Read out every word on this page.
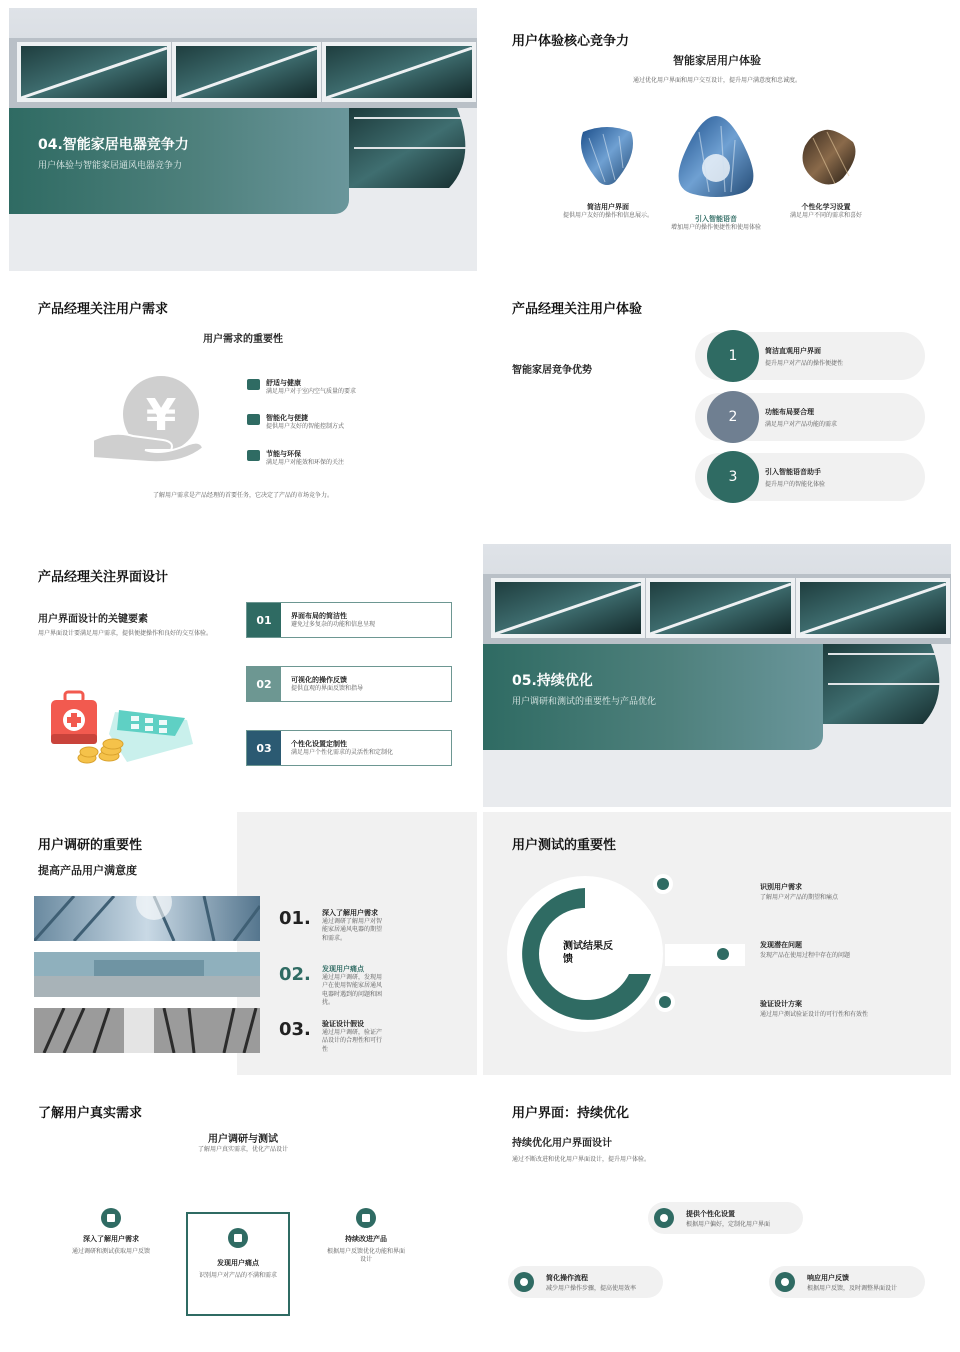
04.智能家居电器竞争力
用户体验与智能家居通风电器竞争力
用户体验核心竞争力
智能家居用户体验
通过优化用户界面和用户交互设计，提升用户满意度和忠诚度。
简洁用户界面
提供用户友好的操作和信息展示。	引入智能语音
增加用户的操作便捷性和使用体验
个性化学习设置
满足用户不同的需求和喜好
产品经理关注用户需求
用户需求的重要性
¥
舒适与健康
满足用户对于室内空气质量的要求
智能化与便捷
提供用户友好的智能控制方式
节能与环保
满足用户对能效和环保的关注
了解用户需求是产品经理的首要任务，它决定了产品的市场竞争力。
产品经理关注用户体验
智能家居竞争优势
1	简洁直观用户界面
提升用户对产品的操作便捷性
2	功能布局要合理
满足用户对产品功能的需求
3	引入智能语音助手
提升用户的智能化体验
产品经理关注界面设计
用户界面设计的关键要素
用户界面设计要满足用户需求，提供便捷操作和良好的交互体验。
01	界面布局的简洁性
避免过多复杂的功能和信息呈现
02	可视化的操作反馈
提供直观的界面反馈和指导
03	个性化设置定制性
满足用户个性化需求的灵活性和定制化
05.持续优化
用户调研和测试的重要性与产品优化
用户调研的重要性
提高产品用户满意度
01. 深入了解用户需求
通过调研了解用户对智能家居通风电器的期望和需求。
02. 发现用户痛点
通过用户调研，发现用户在使用智能家居通风电器时遇到的问题和困扰。
03. 验证设计假设
通过用户调研，验证产品设计的合理性和可行性
用户测试的重要性
测试结果反馈
识别用户需求
了解用户对产品的期望和痛点
发现潜在问题
发现产品在使用过程中存在的问题
验证设计方案
通过用户测试验证设计的可行性和有效性
了解用户真实需求
用户调研与测试
了解用户真实需求，优化产品设计
深入了解用户需求
通过调研和测试获取用户反馈
发现用户痛点
识别用户对产品的不满和需求
持续改进产品
根据用户反馈优化功能和界面设计
用户界面：持续优化
持续优化用户界面设计
通过不断改进和优化用户界面设计，提升用户体验。
提供个性化设置
根据用户偏好，定制化用户界面
简化操作流程
减少用户操作步骤，提高使用效率
响应用户反馈
根据用户反馈，及时调整界面设计
